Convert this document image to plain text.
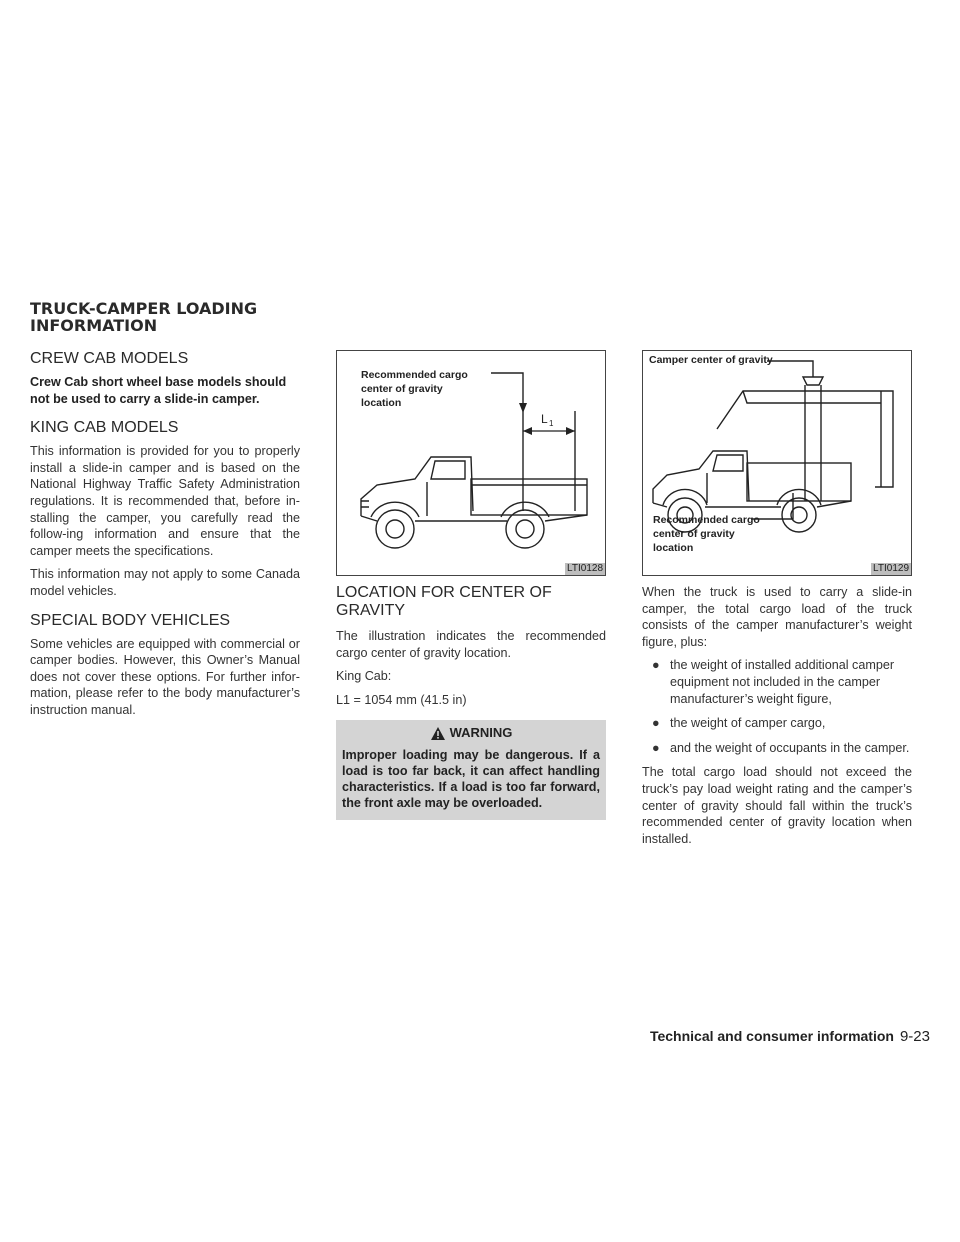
TRUCK-CAMPER LOADING
INFORMATION
CREW CAB MODELS

Crew Cab short wheel base models should not be used to carry a slide-in camper.

KING CAB MODELS

This information is provided for you to properly install a slide-in camper and is based on the National Highway Traffic Safety Administration regulations. It is recommended that, before in-stalling the camper, you carefully read the follow-ing information and ensure that the camper meets the specifications.

This information may not apply to some Canada model vehicles.

SPECIAL BODY VEHICLES

Some vehicles are equipped with commercial or camper bodies. However, this Owner’s Manual does not cover these options. For further infor-mation, please refer to the body manufacturer’s instruction manual.

Recommended cargo
center of gravity
location
L 1
LTI0128
LOCATION FOR CENTER OF GRAVITY

The illustration indicates the recommended cargo center of gravity location.

King Cab:

L1 = 1054 mm (41.5 in)

WARNING
Improper loading may be dangerous. If a load is too far back, it can affect handling characteristics. If a load is too far forward, the front axle may be overloaded.
Camper center of gravity
Recommended cargo
center of gravity
location
LTI0129

When the truck is used to carry a slide-in camper, the total cargo load of the truck consists of the camper manufacturer’s weight figure, plus:

● the weight of installed additional camper equipment not included in the camper manufacturer’s weight figure,
● the weight of camper cargo,
● and the weight of occupants in the camper.

The total cargo load should not exceed the truck’s pay load weight rating and the camper’s center of gravity should fall within the truck’s recommended center of gravity location when installed.

Technical and consumer information 9-23
